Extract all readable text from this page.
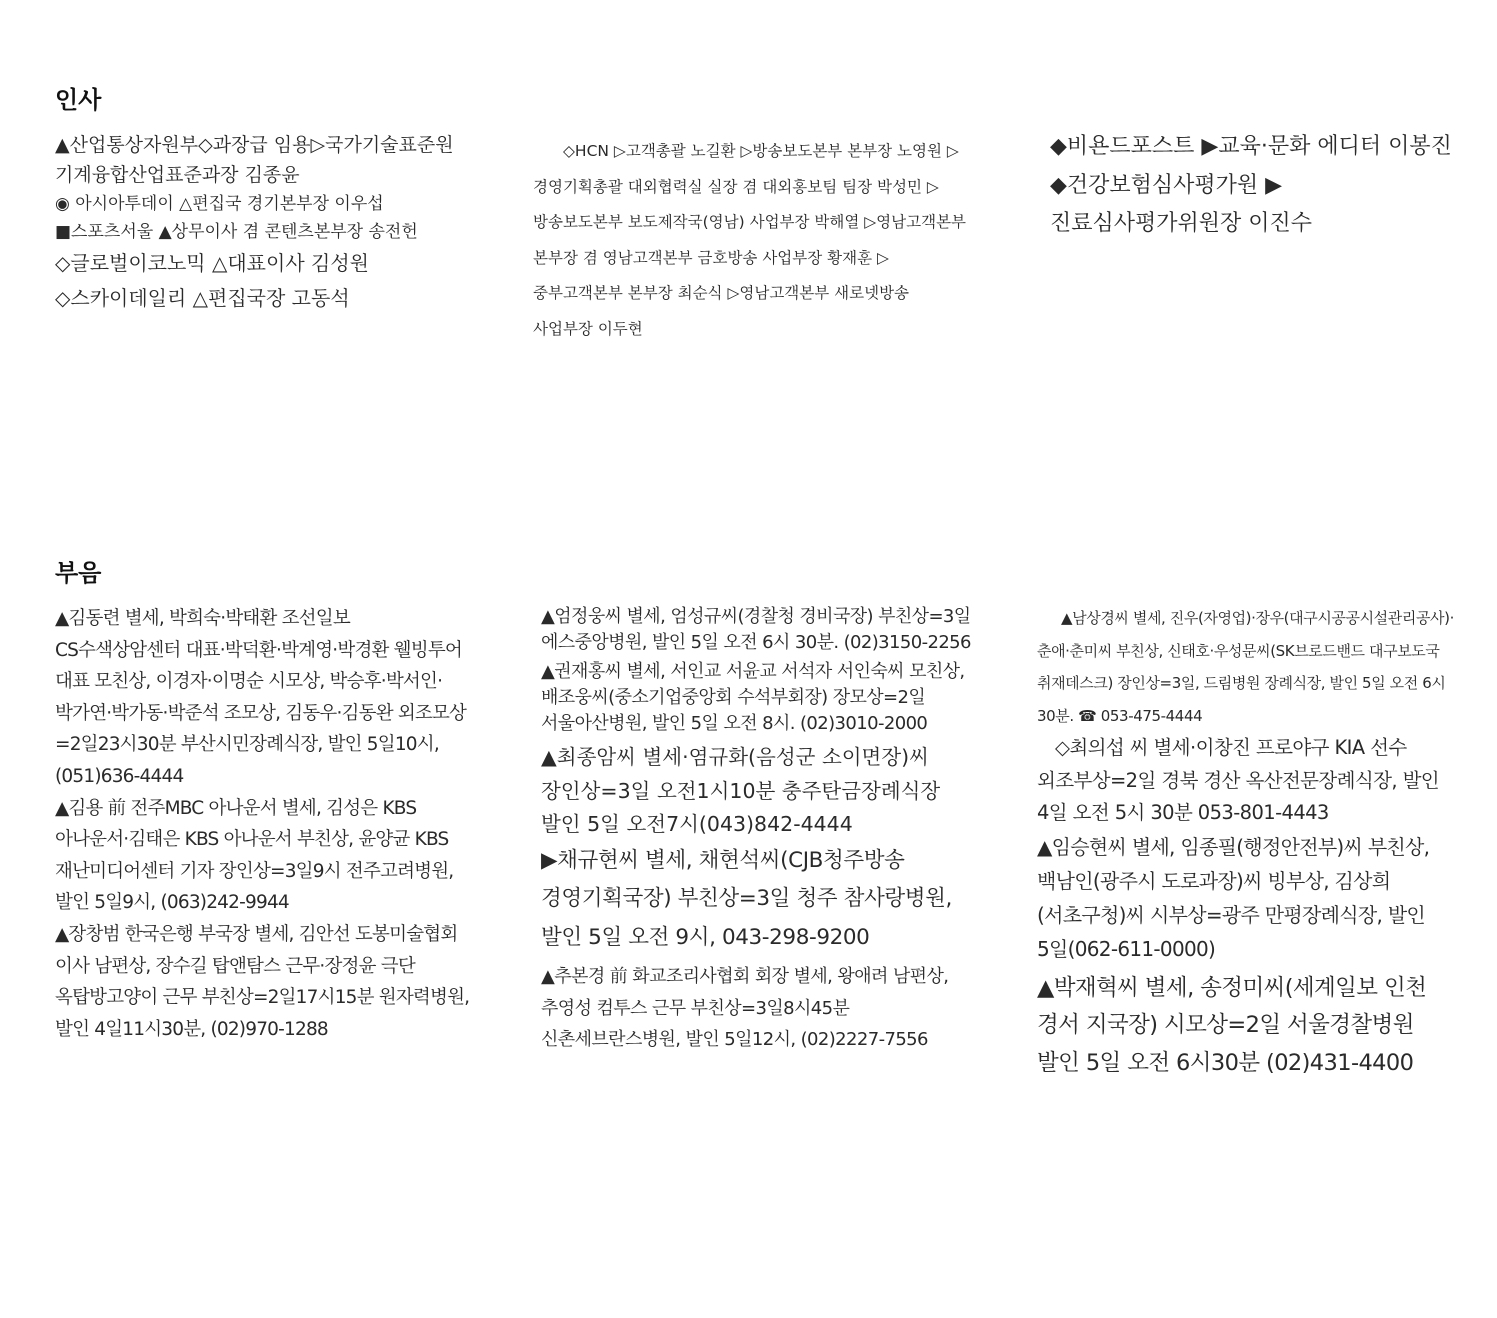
인사

▲산업통상자원부◇과장급 임용▷국가기술표준원 기계융합산업표준과장 김종윤

◉ 아시아투데이 △편집국 경기본부장 이우섭

■스포츠서울 ▲상무이사 겸 콘텐츠본부장 송전헌

◇글로벌이코노믹 △대표이사 김성원

◇스카이데일리 △편집국장 고동석

◇HCN ▷고객총괄 노길환 ▷방송보도본부 본부장 노영원 ▷경영기획총괄 대외협력실 실장 겸 대외홍보팀 팀장 박성민 ▷방송보도본부 보도제작국(영남) 사업부장 박해열 ▷영남고객본부 본부장 겸 영남고객본부 금호방송 사업부장 황재훈 ▷중부고객본부 본부장 최순식 ▷영남고객본부 새로넷방송 사업부장 이두현

◆비욘드포스트 ▶교육·문화 에디터 이봉진

◆건강보험심사평가원 ▶진료심사평가위원장 이진수

부음

▲김동련 별세, 박희숙·박태환 조선일보 CS수색상암센터 대표·박덕환·박계영·박경환 웰빙투어 대표 모친상, 이경자·이명순 시모상, 박승후·박서인·박가연·박가동·박준석 조모상, 김동우·김동완 외조모상=2일23시30분 부산시민장례식장, 발인 5일10시, (051)636-4444

▲김용 前 전주MBC 아나운서 별세, 김성은 KBS 아나운서·김태은 KBS 아나운서 부친상, 윤양균 KBS 재난미디어센터 기자 장인상=3일9시 전주고려병원, 발인 5일9시, (063)242-9944

▲장창범 한국은행 부국장 별세, 김안선 도봉미술협회 이사 남편상, 장수길 탑앤탐스 근무·장정윤 극단 옥탑방고양이 근무 부친상=2일17시15분 원자력병원, 발인 4일11시30분, (02)970-1288

▲엄정웅씨 별세, 엄성규씨(경찰청 경비국장) 부친상=3일 에스중앙병원, 발인 5일 오전 6시 30분. (02)3150-2256

▲권재홍씨 별세, 서인교 서윤교 서석자 서인숙씨 모친상, 배조웅씨(중소기업중앙회 수석부회장) 장모상=2일 서울아산병원, 발인 5일 오전 8시. (02)3010-2000

▲최종암씨 별세·염규화(음성군 소이면장)씨 장인상=3일 오전1시10분 충주탄금장례식장 발인 5일 오전7시(043)842-4444

▶채규현씨 별세, 채현석씨(CJB청주방송 경영기획국장) 부친상=3일 청주 참사랑병원, 발인 5일 오전 9시, 043-298-9200

▲추본경 前 화교조리사협회 회장 별세, 왕애려 남편상, 추영성 컴투스 근무 부친상=3일8시45분 신촌세브란스병원, 발인 5일12시, (02)2227-7556

▲남상경씨 별세, 진우(자영업)·장우(대구시공공시설관리공사)·춘애·춘미씨 부친상, 신태호·우성문씨(SK브로드밴드 대구보도국 취재데스크) 장인상=3일, 드림병원 장례식장, 발인 5일 오전 6시 30분. ☎ 053-475-4444

◇최의섭 씨 별세·이창진 프로야구 KIA 선수 외조부상=2일 경북 경산 옥산전문장례식장, 발인 4일 오전 5시 30분 053-801-4443

▲임승현씨 별세, 임종필(행정안전부)씨 부친상, 백남인(광주시 도로과장)씨 빙부상, 김상희(서초구청)씨 시부상=광주 만평장례식장, 발인 5일(062-611-0000)

▲박재혁씨 별세, 송정미씨(세계일보 인천 경서 지국장) 시모상=2일 서울경찰병원 발인 5일 오전 6시30분 (02)431-4400
